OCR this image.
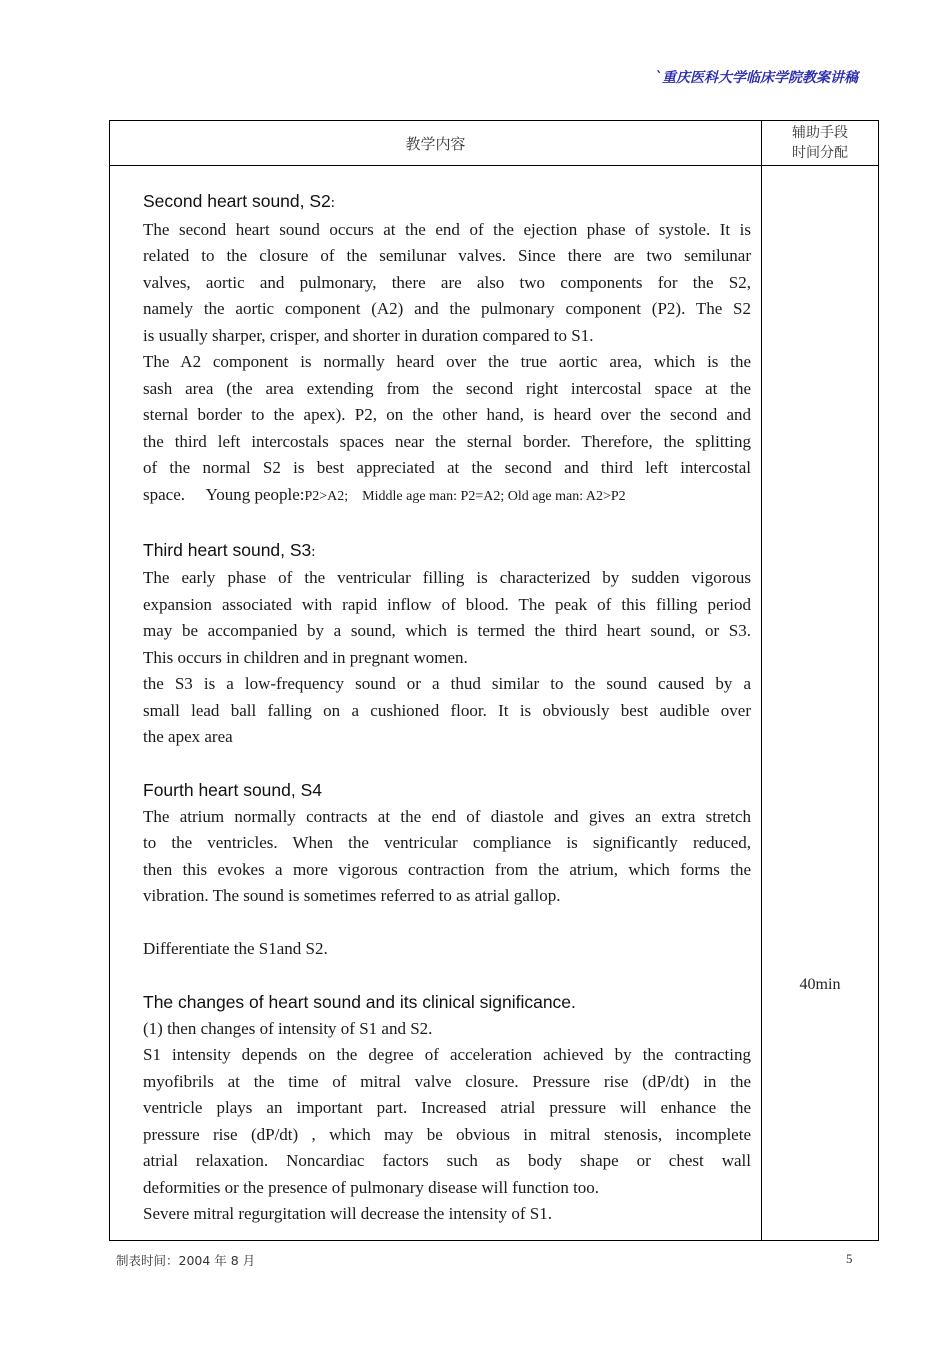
`重庆医科大学临床学院教案讲稿
教学内容
辅助手段
时间分配
Second heart sound, S2:
The second heart sound occurs at the end of the ejection phase of systole. It is
related to the closure of the semilunar valves. Since there are two semilunar
valves, aortic and pulmonary, there are also two components for the S2,
namely the aortic component (A2) and the pulmonary component (P2). The S2
is usually sharper, crisper, and shorter in duration compared to S1.
The A2 component is normally heard over the true aortic area, which is the
sash area (the area extending from the second right intercostal space at the
sternal border to the apex). P2, on the other hand, is heard over the second and
the third left intercostals spaces near the sternal border. Therefore, the splitting
of the normal S2 is best appreciated at the second and third left intercostal
space.     Young people:P2>A2;    Middle age man: P2=A2; Old age man: A2>P2
Third heart sound, S3:
The early phase of the ventricular filling is characterized by sudden vigorous
expansion associated with rapid inflow of blood. The peak of this filling period
may be accompanied by a sound, which is termed the third heart sound, or S3.
This occurs in children and in pregnant women.
the S3 is a low-frequency sound or a thud similar to the sound caused by a
small lead ball falling on a cushioned floor. It is obviously best audible over
the apex area
Fourth heart sound, S4
The atrium normally contracts at the end of diastole and gives an extra stretch
to the ventricles. When the ventricular compliance is significantly reduced,
then this evokes a more vigorous contraction from the atrium, which forms the
vibration. The sound is sometimes referred to as atrial gallop.
Differentiate the S1and S2.
The changes of heart sound and its clinical significance.
(1) then changes of intensity of S1 and S2.
S1 intensity depends on the degree of acceleration achieved by the contracting
myofibrils at the time of mitral valve closure. Pressure rise (dP/dt) in the
ventricle plays an important part. Increased atrial pressure will enhance the
pressure rise (dP/dt) , which may be obvious in mitral stenosis, incomplete
atrial relaxation. Noncardiac factors such as body shape or chest wall
deformities or the presence of pulmonary disease will function too.
Severe mitral regurgitation will decrease the intensity of S1.
40min
制表时间：2004 年 8 月	5
